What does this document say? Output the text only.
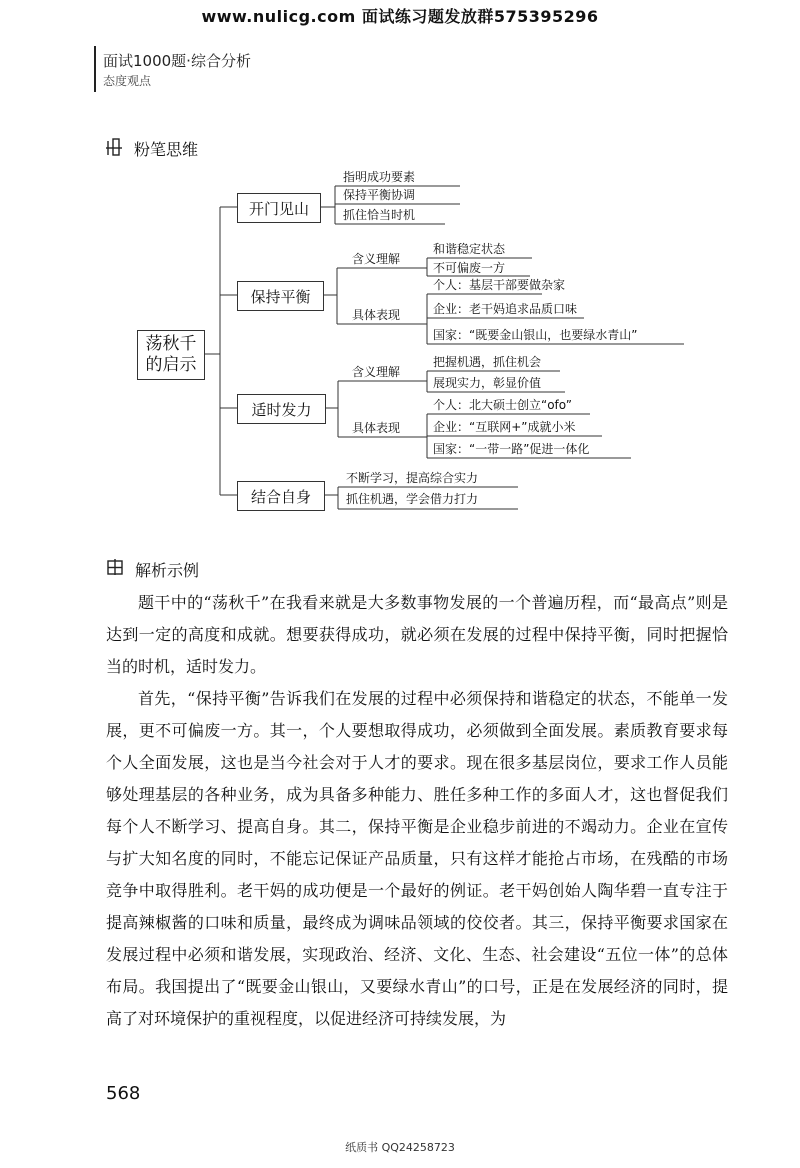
www.nulicg.com 面试练习题发放群575395296
面试1000题·综合分析
态度观点
粉笔思维
荡秋千
的启示
开门见山
指明成功要素
保持平衡协调
抓住恰当时机
保持平衡
含义理解
具体表现
和谐稳定状态
不可偏废一方
个人：基层干部要做杂家
企业：老干妈追求品质口味
国家：“既要金山银山，也要绿水青山”
适时发力
含义理解
具体表现
把握机遇，抓住机会
展现实力，彰显价值
个人：北大硕士创立“ofo”
企业：“互联网+”成就小米
国家：“一带一路”促进一体化
结合自身
不断学习，提高综合实力
抓住机遇，学会借力打力
解析示例

题干中的“荡秋千”在我看来就是大多数事物发展的一个普遍历程，而“最高点”则是达到一定的高度和成就。想要获得成功，就必须在发展的过程中保持平衡，同时把握恰当的时机，适时发力。

首先，“保持平衡”告诉我们在发展的过程中必须保持和谐稳定的状态，不能单一发展，更不可偏废一方。其一，个人要想取得成功，必须做到全面发展。素质教育要求每个人全面发展，这也是当今社会对于人才的要求。现在很多基层岗位，要求工作人员能够处理基层的各种业务，成为具备多种能力、胜任多种工作的多面人才，这也督促我们每个人不断学习、提高自身。其二，保持平衡是企业稳步前进的不竭动力。企业在宣传与扩大知名度的同时，不能忘记保证产品质量，只有这样才能抢占市场，在残酷的市场竞争中取得胜利。老干妈的成功便是一个最好的例证。老干妈创始人陶华碧一直专注于提高辣椒酱的口味和质量，最终成为调味品领域的佼佼者。其三，保持平衡要求国家在发展过程中必须和谐发展，实现政治、经济、文化、生态、社会建设“五位一体”的总体布局。我国提出了“既要金山银山，又要绿水青山”的口号，正是在发展经济的同时，提高了对环境保护的重视程度，以促进经济可持续发展，为

568
纸质书 QQ24258723
